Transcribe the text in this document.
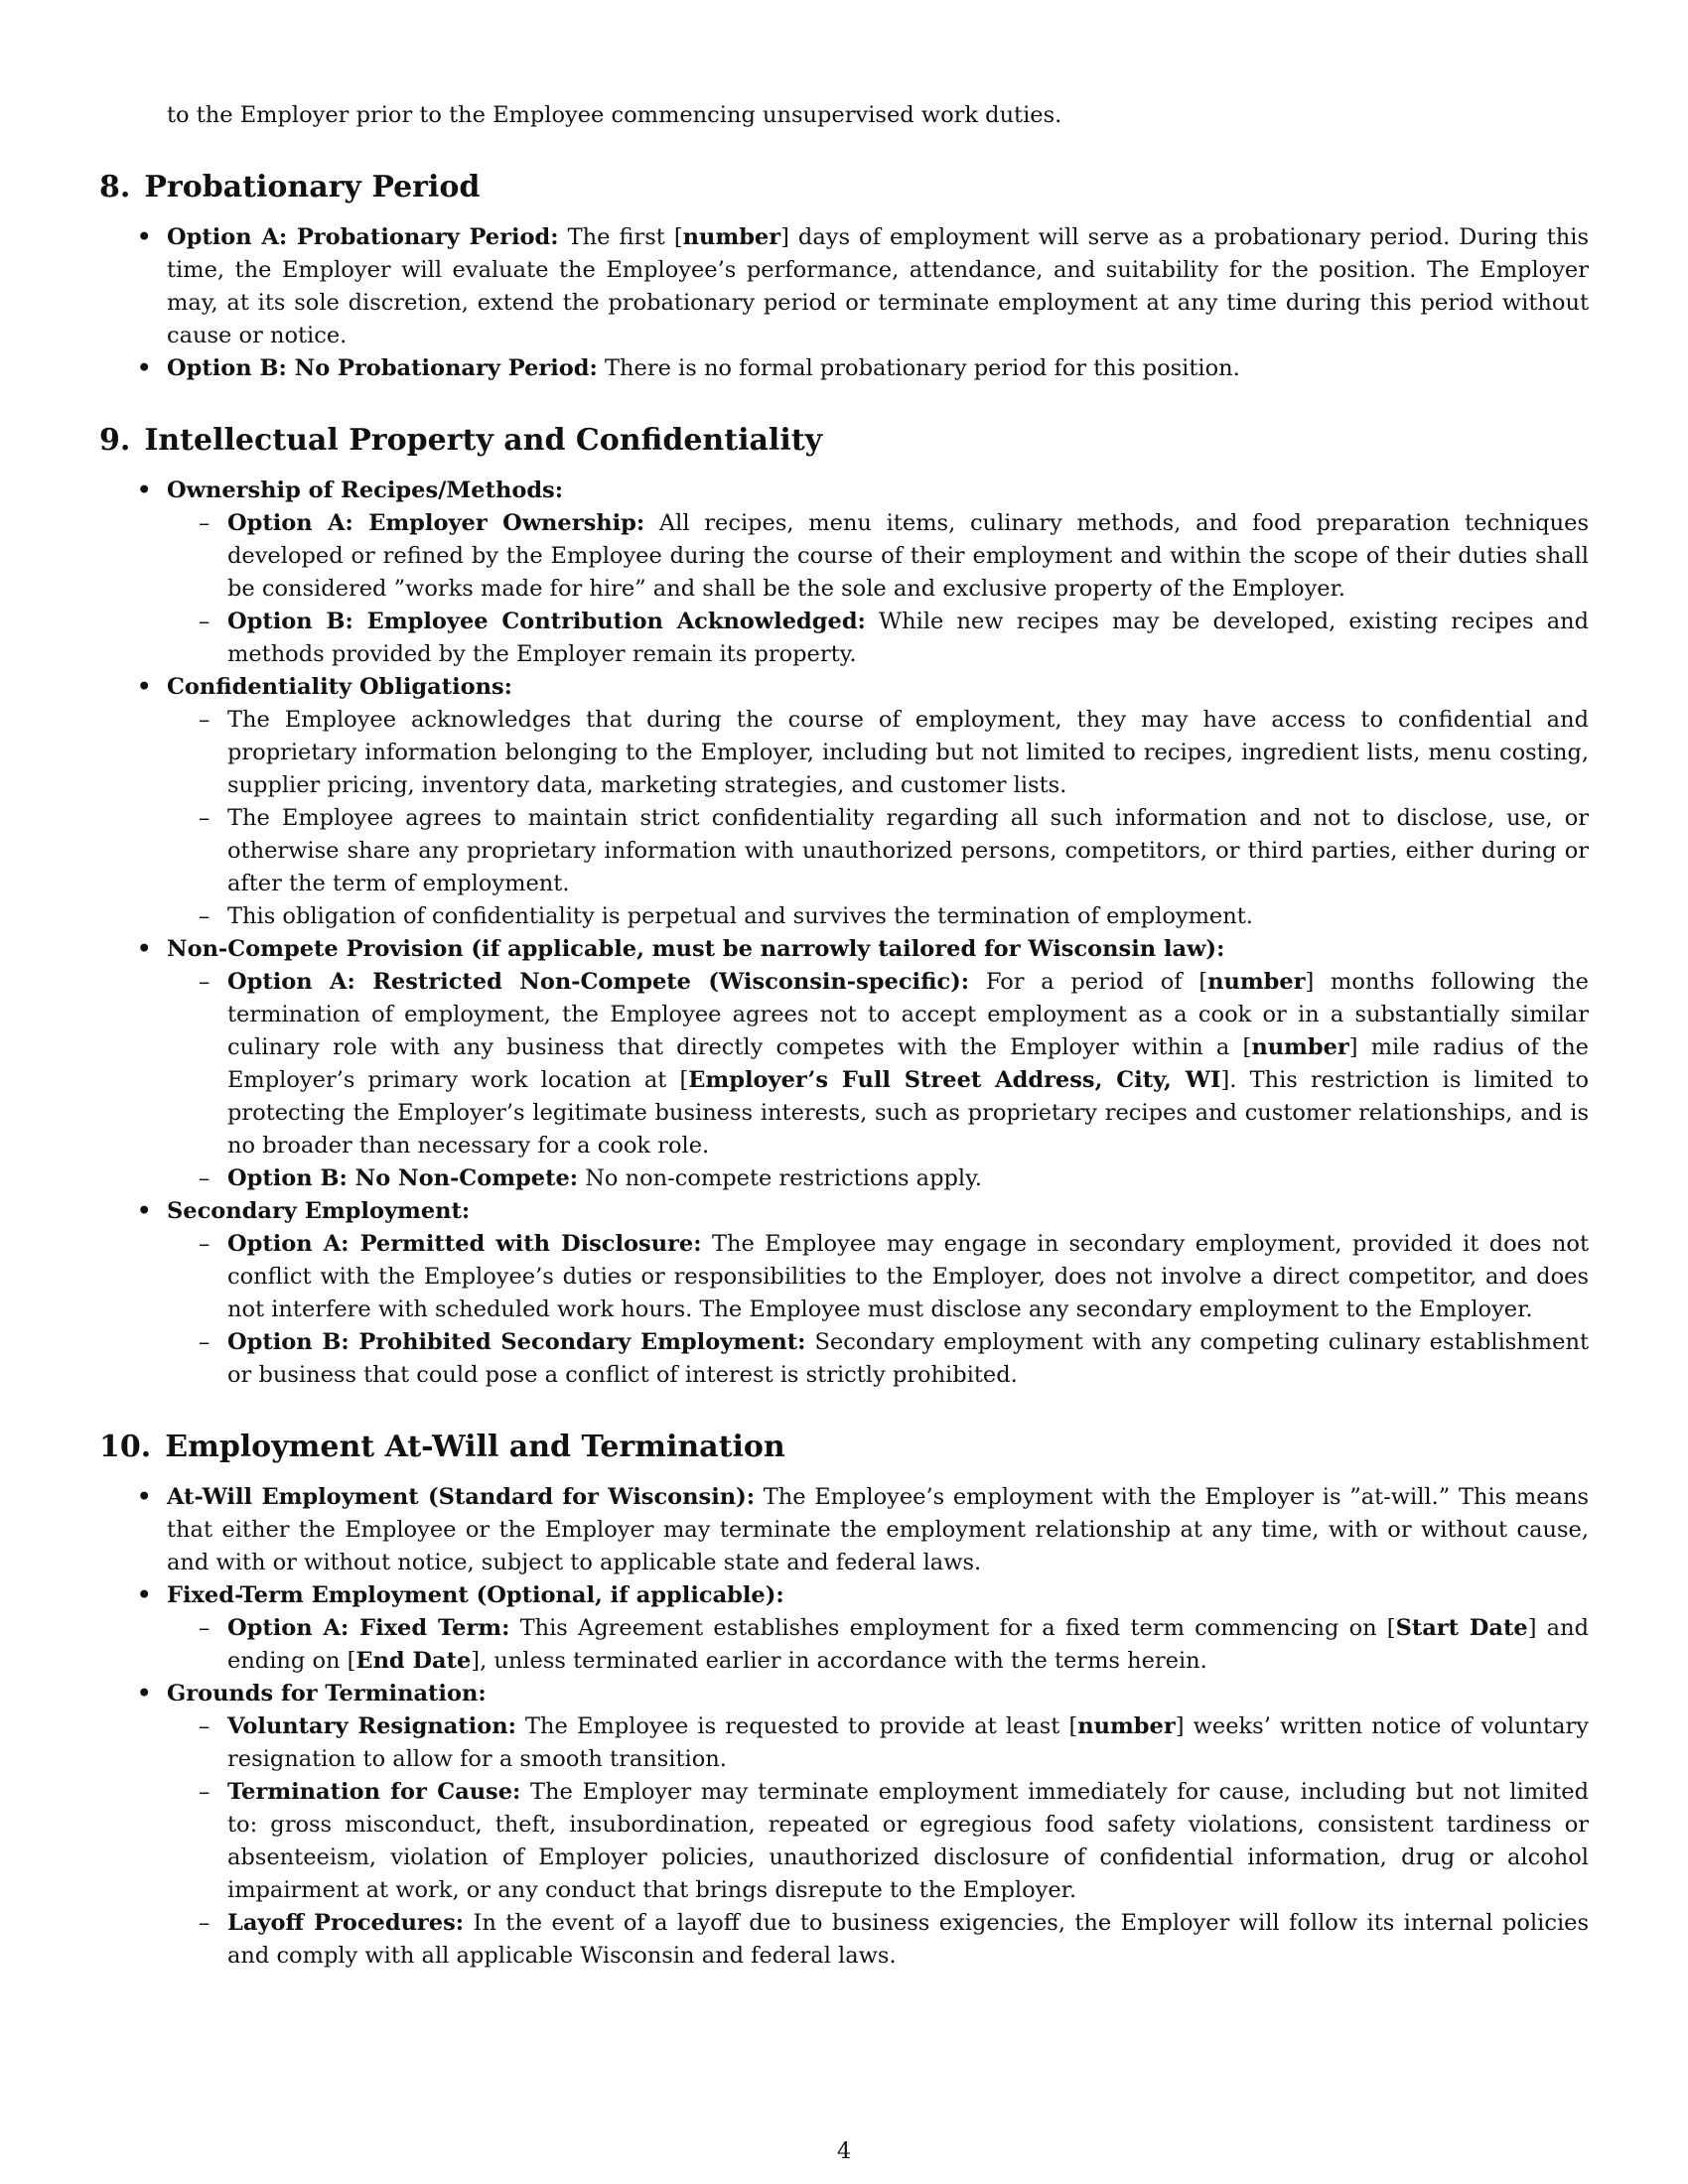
to the Employer prior to the Employee commencing unsupervised work duties.
8. Probationary Period
• Option A: Probationary Period: The first [number] days of employment will serve as a probationary period. During this time, the Employer will evaluate the Employee’s performance, attendance, and suitability for the position. The Employer may, at its sole discretion, extend the probationary period or terminate employment at any time during this period without cause or notice.
• Option B: No Probationary Period: There is no formal probationary period for this position.
9. Intellectual Property and Confidentiality
• Ownership of Recipes/Methods:
– Option A: Employer Ownership: All recipes, menu items, culinary methods, and food preparation techniques developed or refined by the Employee during the course of their employment and within the scope of their duties shall be considered ”works made for hire” and shall be the sole and exclusive property of the Employer.
– Option B: Employee Contribution Acknowledged: While new recipes may be developed, existing recipes and methods provided by the Employer remain its property.
• Confidentiality Obligations:
– The Employee acknowledges that during the course of employment, they may have access to confidential and proprietary information belonging to the Employer, including but not limited to recipes, ingredient lists, menu costing, supplier pricing, inventory data, marketing strategies, and customer lists.
– The Employee agrees to maintain strict confidentiality regarding all such information and not to disclose, use, or otherwise share any proprietary information with unauthorized persons, competitors, or third parties, either during or after the term of employment.
– This obligation of confidentiality is perpetual and survives the termination of employment.
• Non-Compete Provision (if applicable, must be narrowly tailored for Wisconsin law):
– Option A: Restricted Non-Compete (Wisconsin-specific): For a period of [number] months following the termination of employment, the Employee agrees not to accept employment as a cook or in a substantially similar culinary role with any business that directly competes with the Employer within a [number] mile radius of the Employer’s primary work location at [Employer’s Full Street Address, City, WI]. This restriction is limited to protecting the Employer’s legitimate business interests, such as proprietary recipes and customer relationships, and is no broader than necessary for a cook role.
– Option B: No Non-Compete: No non-compete restrictions apply.
• Secondary Employment:
– Option A: Permitted with Disclosure: The Employee may engage in secondary employment, provided it does not conflict with the Employee’s duties or responsibilities to the Employer, does not involve a direct competitor, and does not interfere with scheduled work hours. The Employee must disclose any secondary employment to the Employer.
– Option B: Prohibited Secondary Employment: Secondary employment with any competing culinary establishment or business that could pose a conflict of interest is strictly prohibited.
10. Employment At-Will and Termination
• At-Will Employment (Standard for Wisconsin): The Employee’s employment with the Employer is ”at-will.” This means that either the Employee or the Employer may terminate the employment relationship at any time, with or without cause, and with or without notice, subject to applicable state and federal laws.
• Fixed-Term Employment (Optional, if applicable):
– Option A: Fixed Term: This Agreement establishes employment for a fixed term commencing on [Start Date] and ending on [End Date], unless terminated earlier in accordance with the terms herein.
• Grounds for Termination:
– Voluntary Resignation: The Employee is requested to provide at least [number] weeks’ written notice of voluntary resignation to allow for a smooth transition.
– Termination for Cause: The Employer may terminate employment immediately for cause, including but not limited to: gross misconduct, theft, insubordination, repeated or egregious food safety violations, consistent tardiness or absenteeism, violation of Employer policies, unauthorized disclosure of confidential information, drug or alcohol impairment at work, or any conduct that brings disrepute to the Employer.
– Layoff Procedures: In the event of a layoff due to business exigencies, the Employer will follow its internal policies and comply with all applicable Wisconsin and federal laws.
4
